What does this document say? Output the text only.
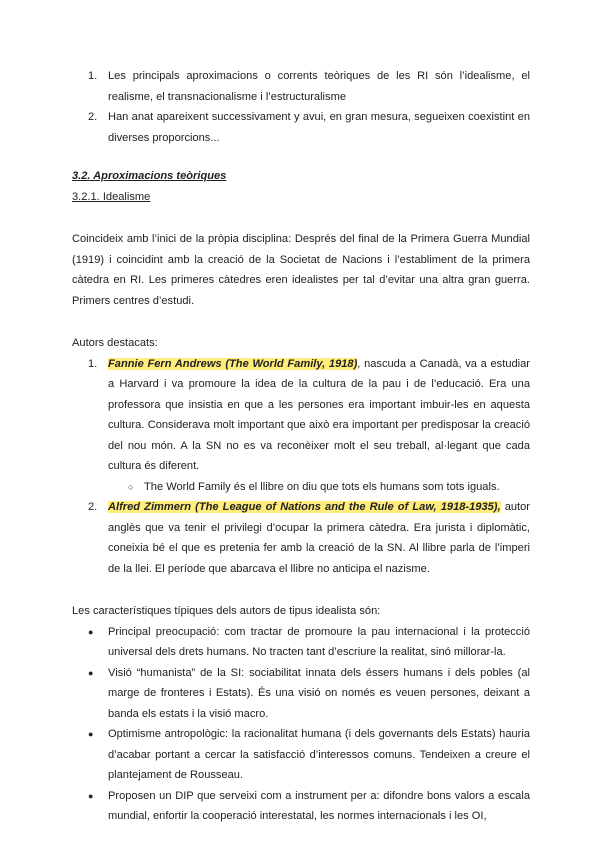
1. Les principals aproximacions o corrents teòriques de les RI són l’idealisme, el realisme, el transnacionalisme i l’estructuralisme
2. Han anat apareixent successivament y avui, en gran mesura, segueixen coexistint en diverses proporcions...

3.2. Aproximacions teòriques

3.2.1. Idealisme

Coincideix amb l’inici de la pròpia disciplina: Després del final de la Primera Guerra Mundial (1919) i coincidint amb la creació de la Societat de Nacions i l’establiment de la primera càtedra en RI. Les primeres càtedres eren idealistes per tal d’evitar una altra gran guerra. Primers centres d’estudi.

Autors destacats:

1. Fannie Fern Andrews (The World Family, 1918), nascuda a Canadà, va a estudiar a Harvard i va promoure la idea de la cultura de la pau i de l’educació. Era una professora que insistia en que a les persones era important imbuir-les en aquesta cultura. Considerava molt important que això era important per predisposar la creació del nou món. A la SN no es va reconèixer molt el seu treball, al·legant que cada cultura és diferent.
○ The World Family és el llibre on diu que tots els humans som tots iguals.
2. Alfred Zimmern (The League of Nations and the Rule of Law, 1918-1935), autor anglès que va tenir el privilegi d’ocupar la primera càtedra. Era jurista i diplomàtic, coneixia bé el que es pretenia fer amb la creació de la SN. Al llibre parla de l’imperi de la llei. El període que abarcava el llibre no anticipa el nazisme.

Les característiques típiques dels autors de tipus idealista són:

● Principal preocupació: com tractar de promoure la pau internacional i la protecció universal dels drets humans. No tracten tant d’escriure la realitat, sinó millorar-la.
● Visió “humanista” de la SI: sociabilitat innata dels éssers humans i dels pobles (al marge de fronteres i Estats). És una visió on només es veuen persones, deixant a banda els estats i la visió macro.
● Optimisme antropològic: la racionalitat humana (i dels governants dels Estats) hauria d’acabar portant a cercar la satisfacció d’interessos comuns. Tendeixen a creure el plantejament de Rousseau.
● Proposen un DIP que serveixi com a instrument per a: difondre bons valors a escala mundial, enfortir la cooperació interestatal, les normes internacionals i les OI,
